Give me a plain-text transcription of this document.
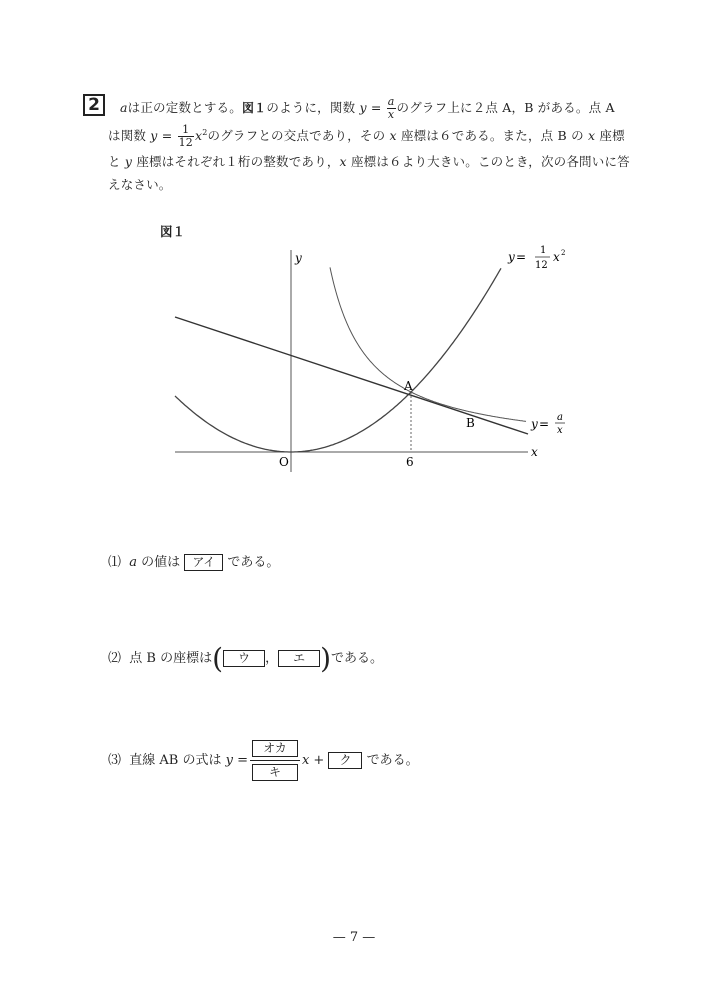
2	aは正の定数とする。図１のように，関数 $y = \frac{a}{x}$ のグラフ上に２点 A，B がある。点 A
は関数 $y = \frac{1}{12} x^2$のグラフとの交点であり，その x 座標は６である。また，点 B の x 座標
と y 座標はそれぞれ１桁の整数であり，x 座標は６より大きい。このとき，次の各問いに答
えなさい。
図１
y
x
O	6
A
B
y = 1
12
x 2
y = a
x
⑴ a の値は アイ である。
⑵ 点 B の座標は( ウ ， エ )である。
⑶ 直線 AB の式は y =
オカ
キ
x + ク である。
— 7 —
